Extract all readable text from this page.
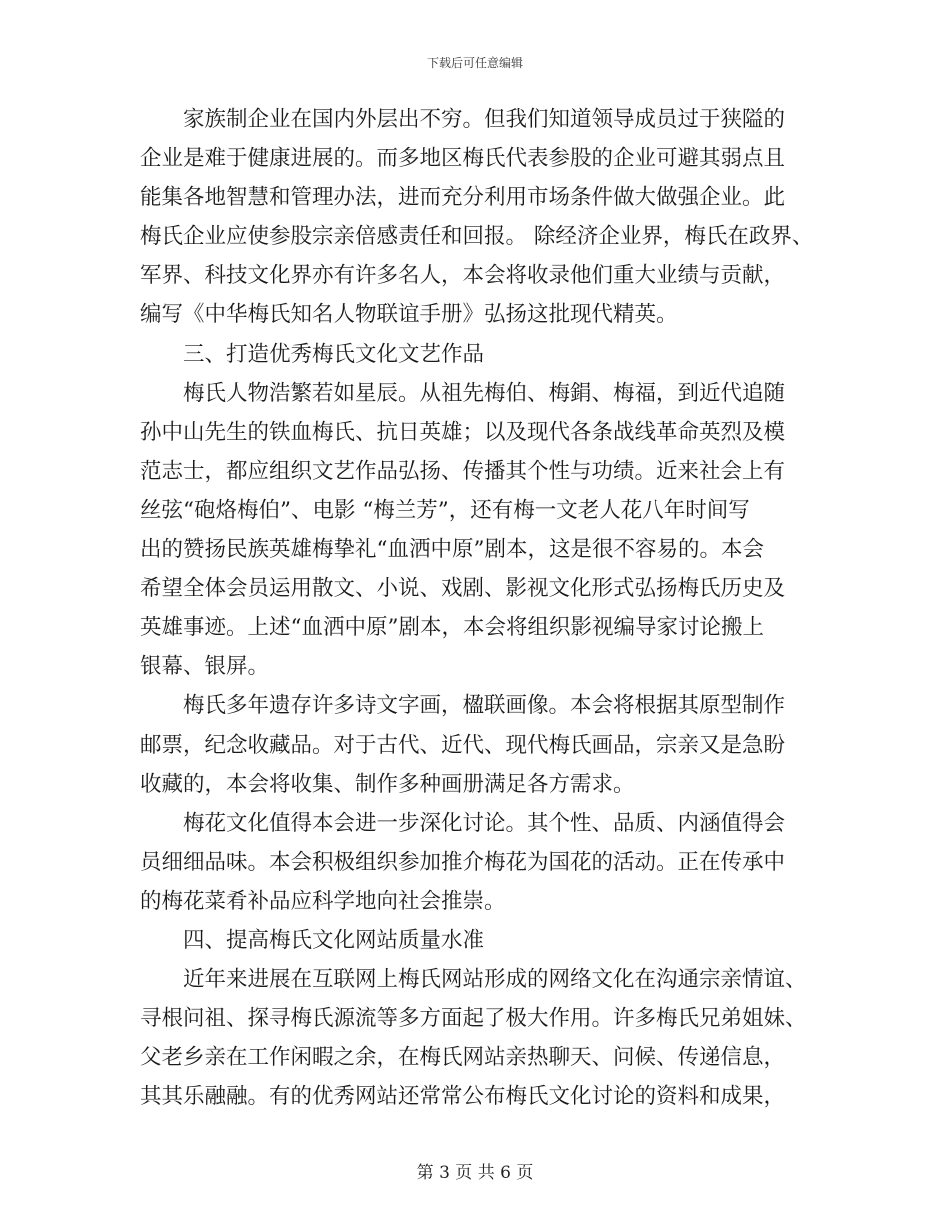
下载后可任意编辑
家族制企业在国内外层出不穷。但我们知道领导成员过于狭隘的
企业是难于健康进展的。而多地区梅氏代表参股的企业可避其弱点且
能集各地智慧和管理办法，进而充分利用市场条件做大做强企业。此
梅氏企业应使参股宗亲倍感责任和回报。 除经济企业界，梅氏在政界、
军界、科技文化界亦有许多名人，本会将收录他们重大业绩与贡献，
编写《中华梅氏知名人物联谊手册》弘扬这批现代精英。
三、打造优秀梅氏文化文艺作品
梅氏人物浩繁若如星辰。从祖先梅伯、梅鋗、梅福，到近代追随
孙中山先生的铁血梅氏、抗日英雄；以及现代各条战线革命英烈及模
范志士，都应组织文艺作品弘扬、传播其个性与功绩。近来社会上有
丝弦“砲烙梅伯”、电影 “梅兰芳”，还有梅一文老人花八年时间写
出的赞扬民族英雄梅挚礼“血洒中原”剧本，这是很不容易的。本会
希望全体会员运用散文、小说、戏剧、影视文化形式弘扬梅氏历史及
英雄事迹。上述“血洒中原”剧本，本会将组织影视编导家讨论搬上
银幕、银屏。
梅氏多年遗存许多诗文字画，楹联画像。本会将根据其原型制作
邮票，纪念收藏品。对于古代、近代、现代梅氏画品，宗亲又是急盼
收藏的，本会将收集、制作多种画册满足各方需求。
梅花文化值得本会进一步深化讨论。其个性、品质、内涵值得会
员细细品味。本会积极组织参加推介梅花为国花的活动。正在传承中
的梅花菜肴补品应科学地向社会推崇。
四、提高梅氏文化网站质量水准
近年来进展在互联网上梅氏网站形成的网络文化在沟通宗亲情谊、
寻根问祖、探寻梅氏源流等多方面起了极大作用。许多梅氏兄弟姐妹、
父老乡亲在工作闲暇之余，在梅氏网站亲热聊天、问候、传递信息，
其其乐融融。有的优秀网站还常常公布梅氏文化讨论的资料和成果，
第 3 页 共 6 页
